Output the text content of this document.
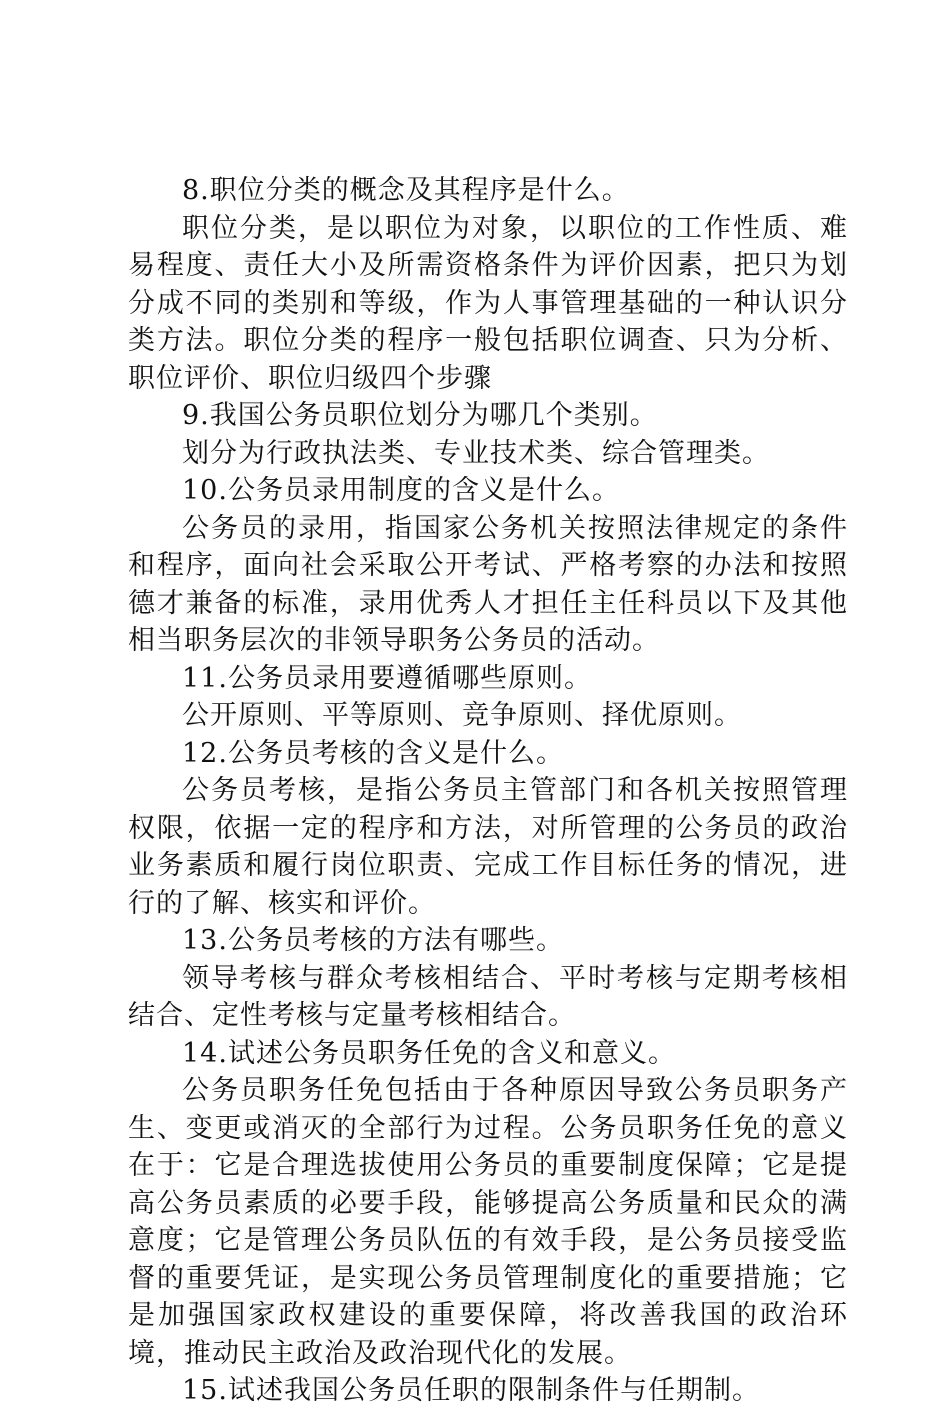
8.职位分类的概念及其程序是什么。

职位分类，是以职位为对象，以职位的工作性质、难易程度、责任大小及所需资格条件为评价因素，把只为划分成不同的类别和等级，作为人事管理基础的一种认识分类方法。职位分类的程序一般包括职位调查、只为分析、职位评价、职位归级四个步骤

9.我国公务员职位划分为哪几个类别。

划分为行政执法类、专业技术类、综合管理类。

10.公务员录用制度的含义是什么。

公务员的录用，指国家公务机关按照法律规定的条件和程序，面向社会采取公开考试、严格考察的办法和按照德才兼备的标准，录用优秀人才担任主任科员以下及其他相当职务层次的非领导职务公务员的活动。

11.公务员录用要遵循哪些原则。

公开原则、平等原则、竞争原则、择优原则。

12.公务员考核的含义是什么。

公务员考核，是指公务员主管部门和各机关按照管理权限，依据一定的程序和方法，对所管理的公务员的政治业务素质和履行岗位职责、完成工作目标任务的情况，进行的了解、核实和评价。

13.公务员考核的方法有哪些。

领导考核与群众考核相结合、平时考核与定期考核相结合、定性考核与定量考核相结合。

14.试述公务员职务任免的含义和意义。

公务员职务任免包括由于各种原因导致公务员职务产生、变更或消灭的全部行为过程。公务员职务任免的意义在于：它是合理选拔使用公务员的重要制度保障；它是提高公务员素质的必要手段，能够提高公务质量和民众的满意度；它是管理公务员队伍的有效手段，是公务员接受监督的重要凭证，是实现公务员管理制度化的重要措施；它是加强国家政权建设的重要保障，将改善我国的政治环境，推动民主政治及政治现代化的发展。

15.试述我国公务员任职的限制条件与任期制。
